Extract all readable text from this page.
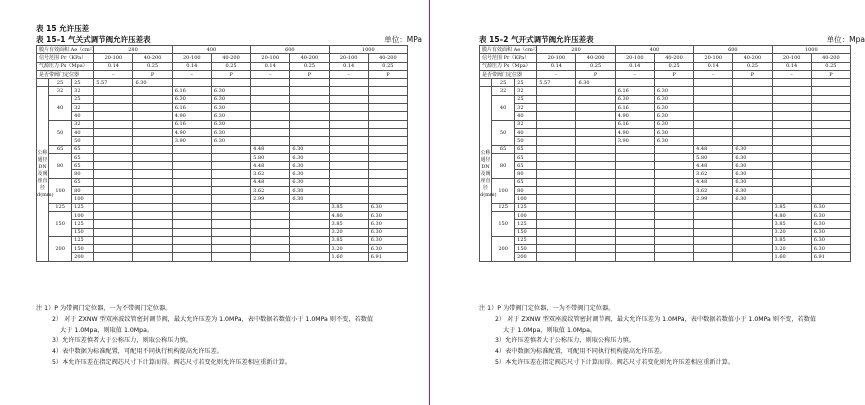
表 15 允许压差
表 15–1 气关式调节阀允许压差表	单位：MPa
膜片有效面积 Ae（cm²）			280		400		600		1000	
信号范围 Pr（KPa）			20-100	40-200	20-100	40-200	20-100	40-200	20-100	40-200
气源压力 Ps（Mpa）			0.14	0.25	0.14	0.25	0.14	0.25	0.14	0.25
是否带阀门定位器			–	P	–	P	–	P	–	P
	25	25	5.57	6.30						
公称通径DN及阀座直径d(mm)	32	32			6.16	6.30				
	40	25			6.30	6.30				
		32			6.16	6.30				
		40			4.90	6.30				
	50	32			6.16	6.30				
		40			4.90	6.30				
		50			3.90	6.30				
	65	65					4.48	6.30		
	80	65					5.80	6.30		
		65					4.48	6.30		
		80					3.62	6.30		
	100	65					4.48	6.30		
		80					3.62	6.30		
		100					2.99	6.30		
	125	125							3.85	6.30
	150	100							4.80	6.30
		125							3.85	6.30
		150							3.20	6.30
	200	125							3.85	6.30
		150							3.20	6.30
		200							1.60	6.91
注 1）P 为带阀门定位器，一为不带阀门定位器。
2） 对于 ZXNW 型双座波纹管密封调节阀，最大允许压差为 1.0MPa，表中数据若数值小于 1.0MPa 则不变，若数值
大于 1.0Mpa，则取值 1.0Mpa。
3）允许压差慎者大于公称压力，则取公称压力慎。
4）表中数据为标准配置，可配用不同执行机构提高允许压差。
5）本允许压差在指定阀芯尺寸下计算而得。阀芯尺寸若变化则允许压差相应重新计算。
表 15–2 气开式调节阀允许压差表	单位：Mpa
膜片有效面积 Ae（cm²）			280		400		600		1000	
信号范围 Pr（KPa）			20-100	40-200	20-100	40-200	20-100	40-200	20-100	40-200
气源压力 Ps（Mpa）			0.14	0.25	0.14	0.25	0.14	0.25	0.14	0.25
是否带阀门定位器			–	P	–	P	–	P	–	P
	25	25	5.57	6.30						
公称通径DN及阀座直径d(mm)	32	32			6.16	6.30				
	40	25			6.30	6.30				
		32			6.16	6.30				
		40			4.90	6.30				
	50	32			6.16	6.30				
		40			4.90	6.30				
		50			3.90	6.30				
	65	65					4.48	6.30		
	80	65					5.80	6.30		
		65					4.48	6.30		
		80					3.62	6.30		
	100	65					4.48	6.30		
		80					3.62	6.30		
		100					2.99	6.30		
	125	125							3.85	6.30
	150	100							4.80	6.30
		125							3.85	6.30
		150							3.20	6.30
	200	125							3.85	6.30
		150							3.20	6.30
		200							1.60	6.91
注 1）P 为带阀门定位器，一为不带阀门定位器。
2） 对于 ZXNW 型双座波纹管密封调节阀，最大允许压差为 1.0MPa，表中数据若数值小于 1.0MPa 则不变，若数值
大于 1.0Mpa，则取值 1.0Mpa。
3）允许压差慎者大于公称压力，则取公称压力慎。
4）表中数据为标准配置，可配用不同执行机构提高允许压差。
5）本允许压差在指定阀芯尺寸下计算而得。阀芯尺寸若变化则允许压差相应重新计算。
